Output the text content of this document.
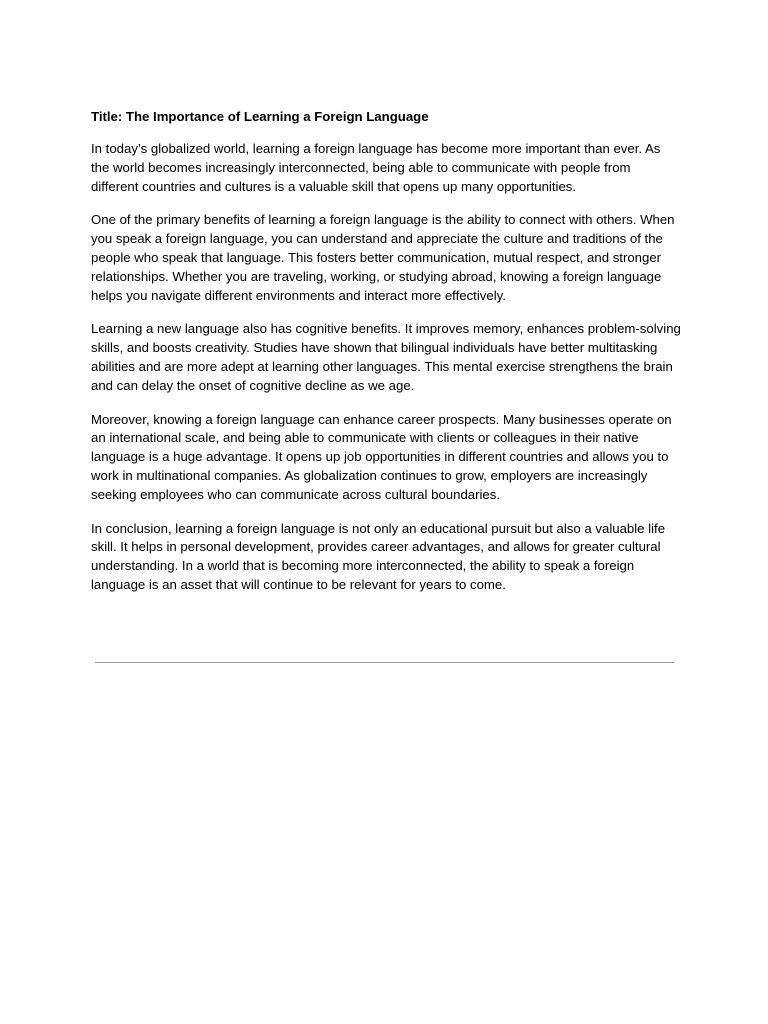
Title: The Importance of Learning a Foreign Language

In today’s globalized world, learning a foreign language has become more important than ever. As the world becomes increasingly interconnected, being able to communicate with people from different countries and cultures is a valuable skill that opens up many opportunities.

One of the primary benefits of learning a foreign language is the ability to connect with others. When you speak a foreign language, you can understand and appreciate the culture and traditions of the people who speak that language. This fosters better communication, mutual respect, and stronger relationships. Whether you are traveling, working, or studying abroad, knowing a foreign language helps you navigate different environments and interact more effectively.

Learning a new language also has cognitive benefits. It improves memory, enhances problem-solving skills, and boosts creativity. Studies have shown that bilingual individuals have better multitasking abilities and are more adept at learning other languages. This mental exercise strengthens the brain and can delay the onset of cognitive decline as we age.

Moreover, knowing a foreign language can enhance career prospects. Many businesses operate on an international scale, and being able to communicate with clients or colleagues in their native language is a huge advantage. It opens up job opportunities in different countries and allows you to work in multinational companies. As globalization continues to grow, employers are increasingly seeking employees who can communicate across cultural boundaries.

In conclusion, learning a foreign language is not only an educational pursuit but also a valuable life skill. It helps in personal development, provides career advantages, and allows for greater cultural understanding. In a world that is becoming more interconnected, the ability to speak a foreign language is an asset that will continue to be relevant for years to come.
